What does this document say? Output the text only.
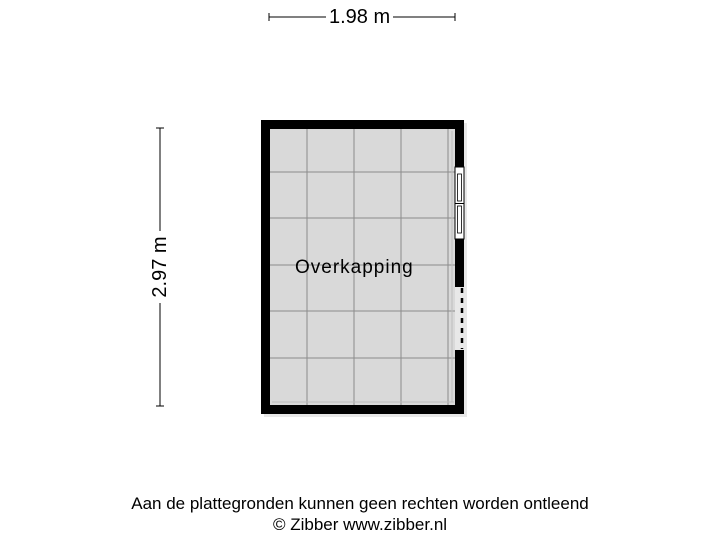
1.98 m
2.97 m	Overkapping
Aan de plattegronden kunnen geen rechten worden ontleend
© Zibber www.zibber.nl
